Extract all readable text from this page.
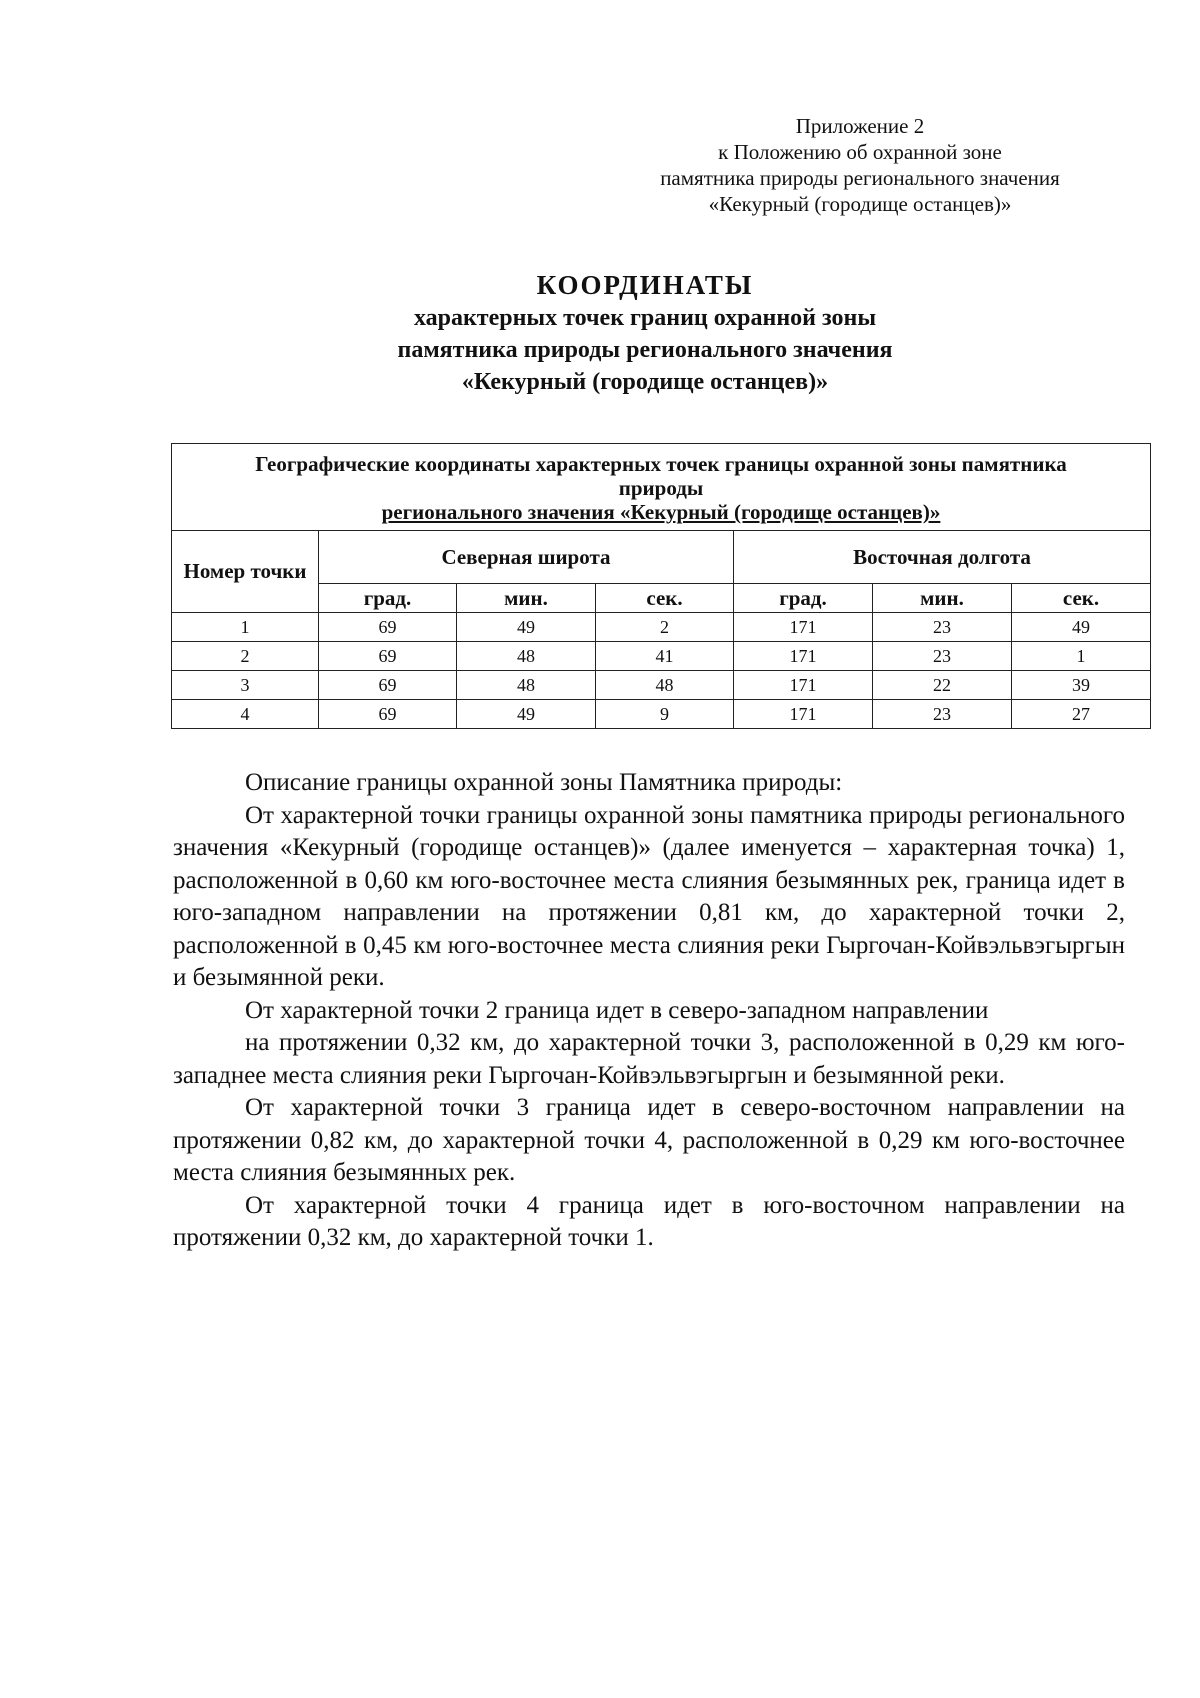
Приложение 2
к Положению об охранной зоне
памятника природы регионального значения
«Кекурный (городище останцев)»
КООРДИНАТЫ
характерных точек границ охранной зоны
памятника природы регионального значения
«Кекурный (городище останцев)»
Географические координаты характерных точек границы охранной зоны памятника
природы
регионального значения «Кекурный (городище останцев)»						

Номер точки	Северная широта			Восточная долгота		
	град.	мин.	сек.	град.	мин.	сек.
1	69	49	2	171	23	49
2	69	48	41	171	23	1
3	69	48	48	171	22	39
4	69	49	9	171	23	27

Описание границы охранной зоны Памятника природы:

От характерной точки границы охранной зоны памятника природы регионального значения «Кекурный (городище останцев)» (далее именуется – характерная точка) 1, расположенной в 0,60 км юго-восточнее места слияния безымянных рек, граница идет в юго-западном направлении на протяжении 0,81 км, до характерной точки 2, расположенной в 0,45 км юго-восточнее места слияния реки Гыргочан-Койвэльвэгыргын и безымянной реки.

От характерной точки 2 граница идет в северо-западном направлении

на протяжении 0,32 км, до характерной точки 3, расположенной в 0,29 км юго-западнее места слияния реки Гыргочан-Койвэльвэгыргын и безымянной реки.

От характерной точки 3 граница идет в северо-восточном направлении на протяжении 0,82 км, до характерной точки 4, расположенной в 0,29 км юго-восточнее места слияния безымянных рек.

От характерной точки 4 граница идет в юго-восточном направлении на протяжении 0,32 км, до характерной точки 1.
